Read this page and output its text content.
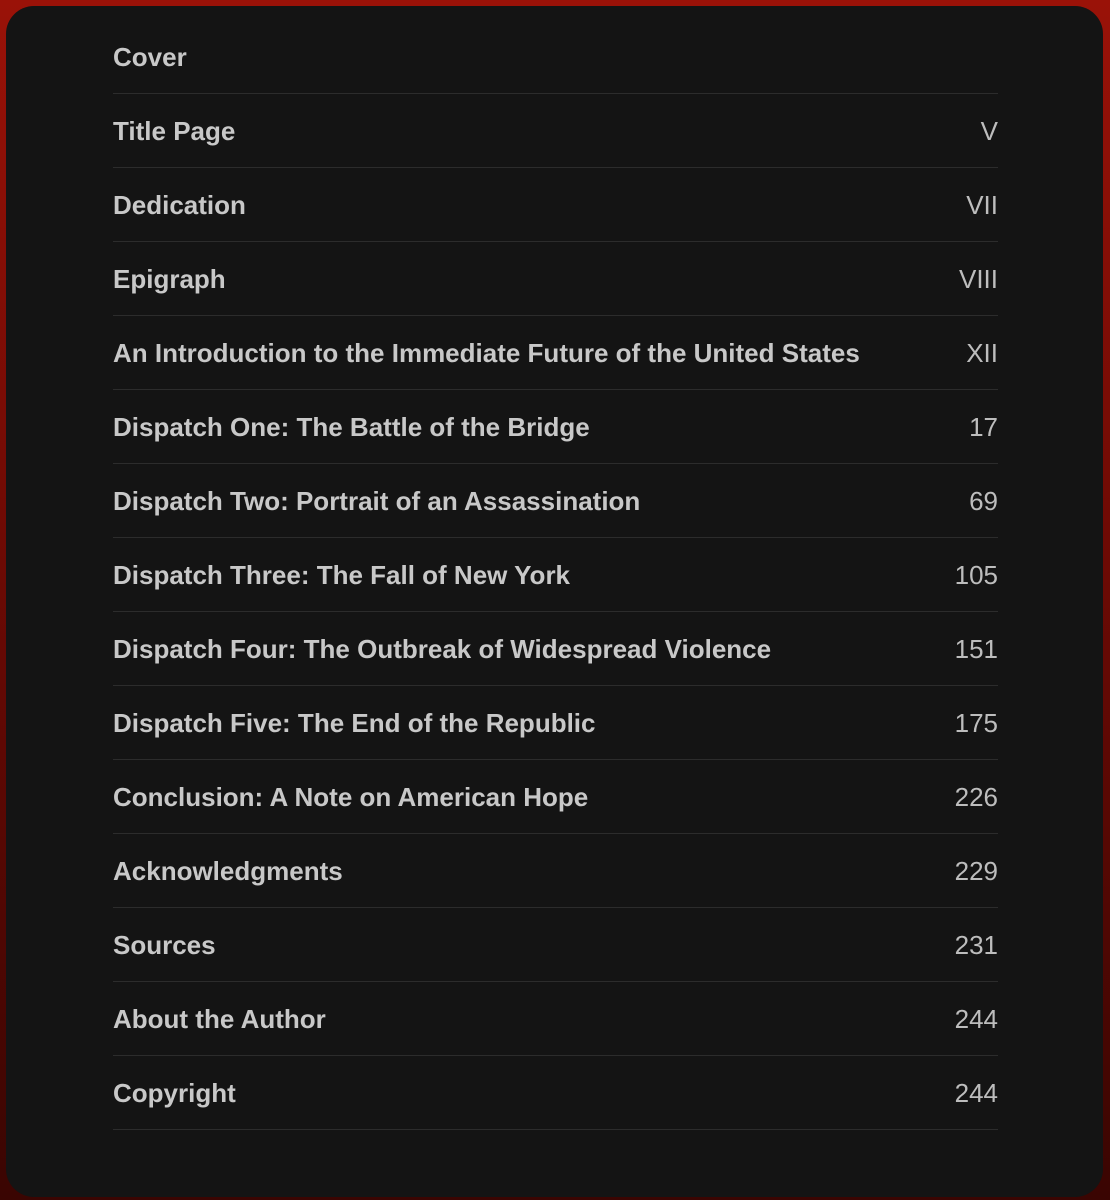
Cover
Title Page	V
Dedication	VII
Epigraph	VIII
An Introduction to the Immediate Future of the United States	XII
Dispatch One: The Battle of the Bridge	17
Dispatch Two: Portrait of an Assassination	69
Dispatch Three: The Fall of New York	105
Dispatch Four: The Outbreak of Widespread Violence	151
Dispatch Five: The End of the Republic	175
Conclusion: A Note on American Hope	226
Acknowledgments	229
Sources	231
About the Author	244
Copyright	244
